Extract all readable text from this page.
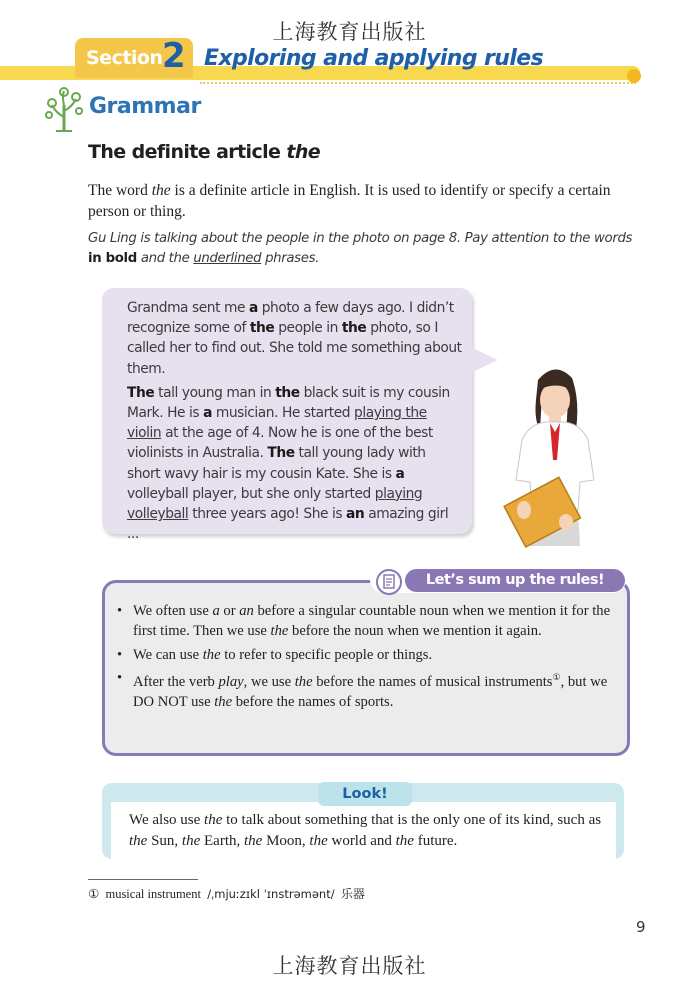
上海教育出版社
Section 2 Exploring and applying rules
Grammar
The definite article the
The word the is a definite article in English. It is used to identify or specify a certain person or thing.
Gu Ling is talking about the people in the photo on page 8. Pay attention to the words in bold and the underlined phrases.

Grandma sent me a photo a few days ago. I didn’t recognize some of the people in the photo, so I called her to find out. She told me something about them.

The tall young man in the black suit is my cousin Mark. He is a musician. He started playing the violin at the age of 4. Now he is one of the best violinists in Australia. The tall young lady with short wavy hair is my cousin Kate. She is a volleyball player, but she only started playing volleyball three years ago! She is an amazing girl ...

Let’s sum up the rules!
• We often use a or an before a singular countable noun when we mention it for the first time. Then we use the before the noun when we mention it again.
• We can use the to refer to specific people or things.
• After the verb play, we use the before the names of musical instruments①, but we DO NOT use the before the names of sports.
Look!
We also use the to talk about something that is the only one of its kind, such as the Sun, the Earth, the Moon, the world and the future.
① musical instrument /ˌmjuːzɪkl ˈɪnstrəmənt/ 乐器
9
上海教育出版社
